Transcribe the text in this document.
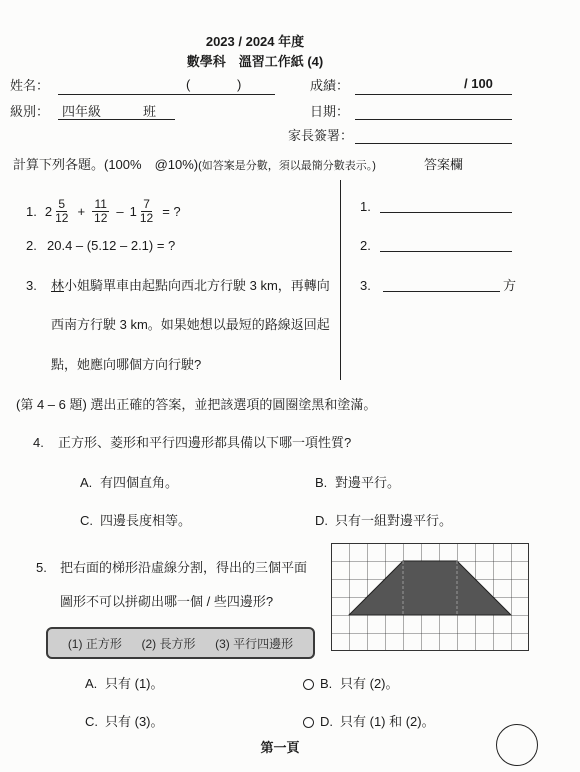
2023 / 2024 年度
數學科　溫習工作紙 (4)
姓名：	(	)	成績：	/ 100
級別： 四年級	班	日期：
家長簽署：
計算下列各題。(100%　@10%)(如答案是分數，須以最簡分數表示。)	答案欄
1. $2 \frac{5}{12} + \frac{11}{12} - 1 \frac{7}{12}$ = ?
2. 20.4 – (5.12 – 2.1) = ?
3. 林小姐騎單車由起點向西北方行駛 3 km，再轉向
西南方行駛 3 km。如果她想以最短的路線返回起
點，她應向哪個方向行駛?
1.
2.
3.	方
(第 4 – 6 題) 選出正確的答案，並把該選項的圓圈塗黑和塗滿。
4. 正方形、菱形和平行四邊形都具備以下哪一項性質?
A. 有四個直角。	B. 對邊平行。
C. 四邊長度相等。	D. 只有一組對邊平行。
5. 把右面的梯形沿虛線分割，得出的三個平面
圖形不可以拼砌出哪一個 / 些四邊形?
(1) 正方形 (2) 長方形 (3) 平行四邊形
A. 只有 (1)。	B. 只有 (2)。
C. 只有 (3)。	D. 只有 (1) 和 (2)。
第一頁
